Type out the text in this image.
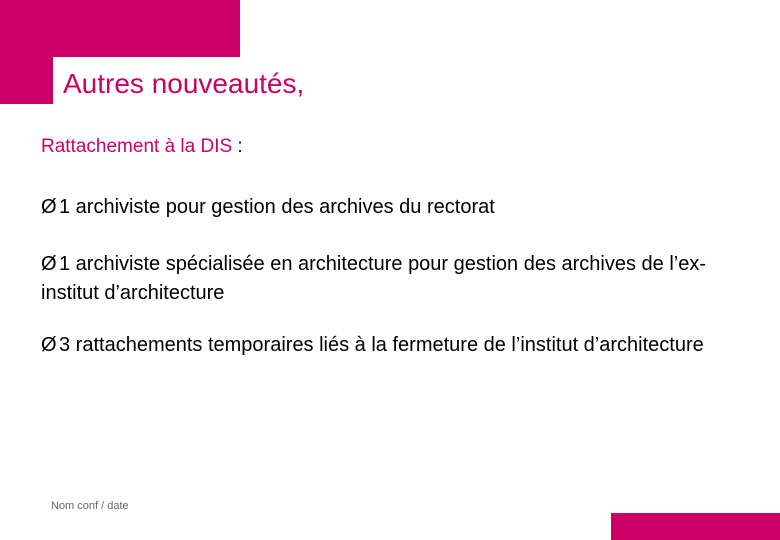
Autres nouveautés,
Rattachement à la DIS :
Ø 1 archiviste pour gestion des archives du rectorat
Ø 1 archiviste spécialisée en architecture pour gestion des archives de l’ex-institut d’architecture
Ø 3 rattachements temporaires liés à la fermeture de l’institut d’architecture
Nom conf / date
